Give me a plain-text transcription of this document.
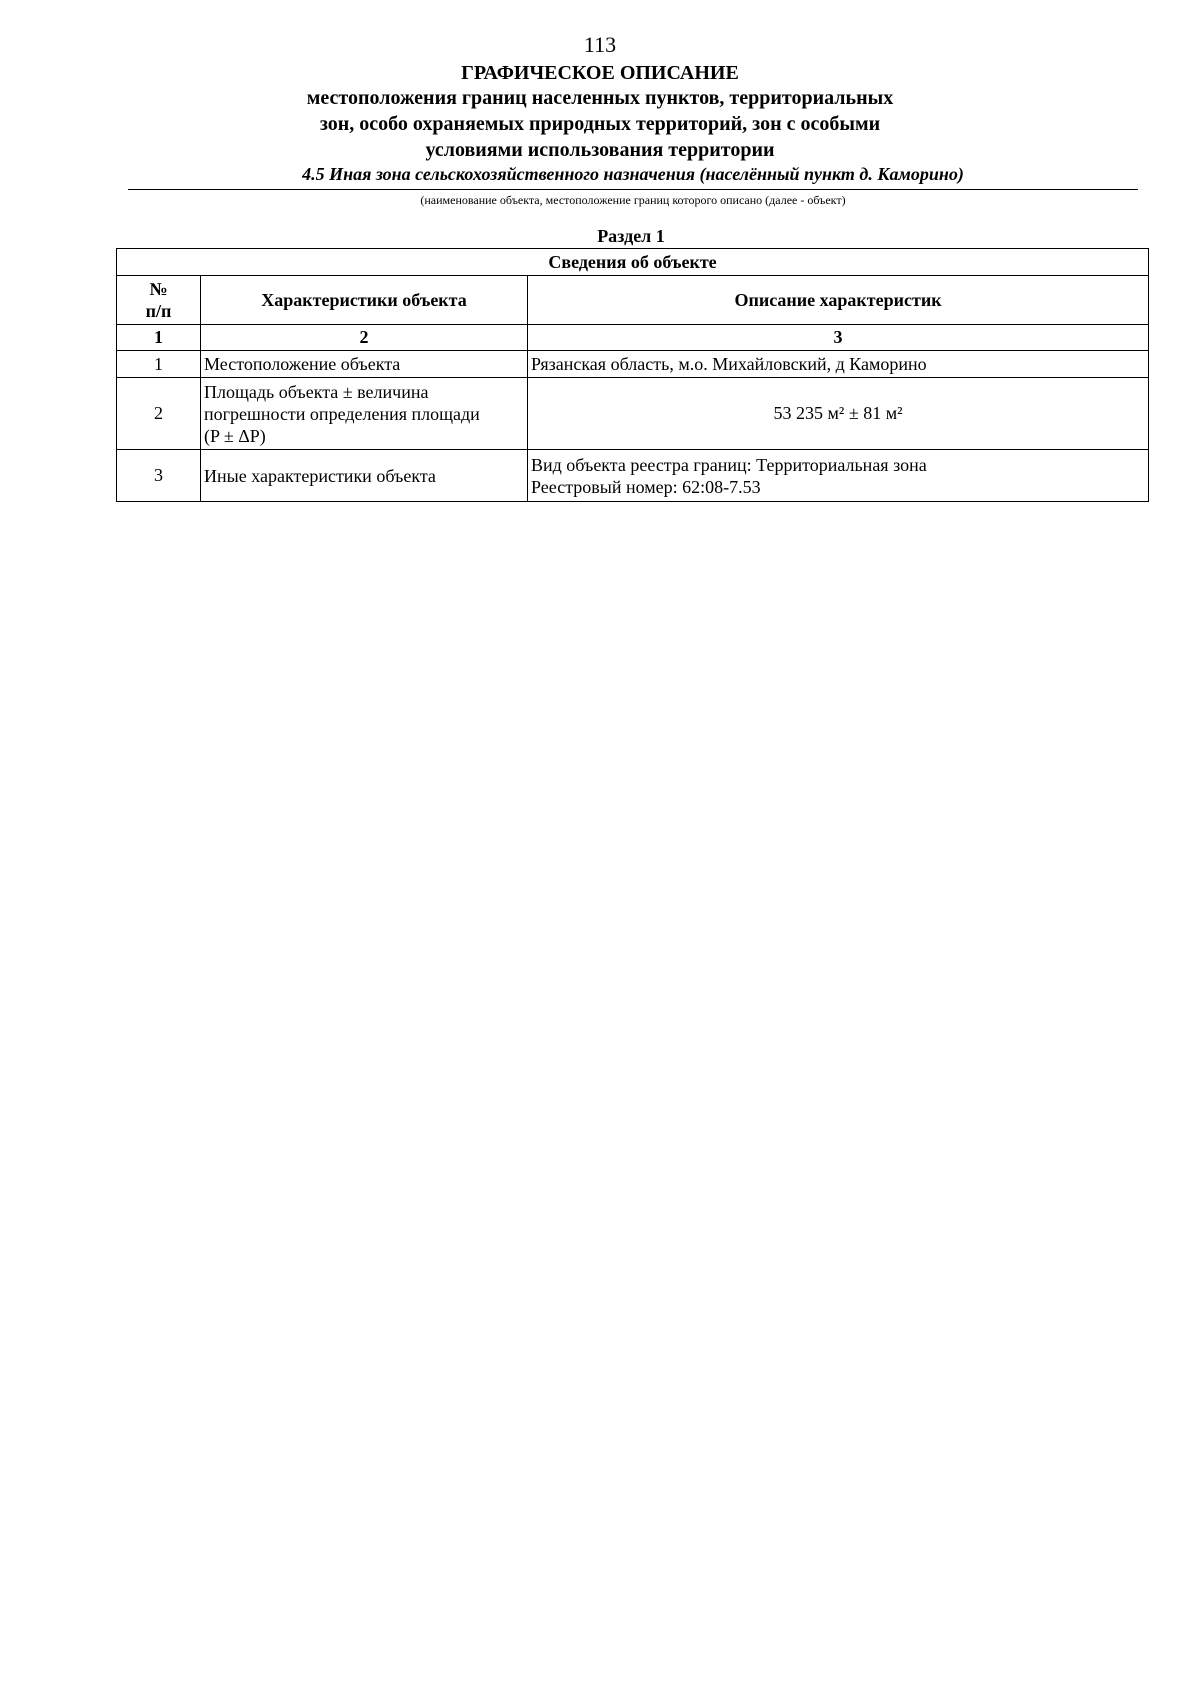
113
ГРАФИЧЕСКОЕ ОПИСАНИЕ
местоположения границ населенных пунктов, территориальных
зон, особо охраняемых природных территорий, зон с особыми
условиями использования территории
4.5 Иная зона сельскохозяйственного назначения (населённый пункт д. Каморино)
(наименование объекта, местоположение границ которого описано (далее - объект)
Раздел 1
Сведения об объекте		

№
п/п	Характеристики объекта	Описание характеристик
1	2	3
1	Местоположение объекта	Рязанская область, м.о. Михайловский, д Каморино

2	Площадь объекта ± величина
погрешности определения площади
(P ± ΔP)	53 235 м² ± 81 м²

3	Иные характеристики объекта	Вид объекта реестра границ: Территориальная зона
Реестровый номер: 62:08-7.53
